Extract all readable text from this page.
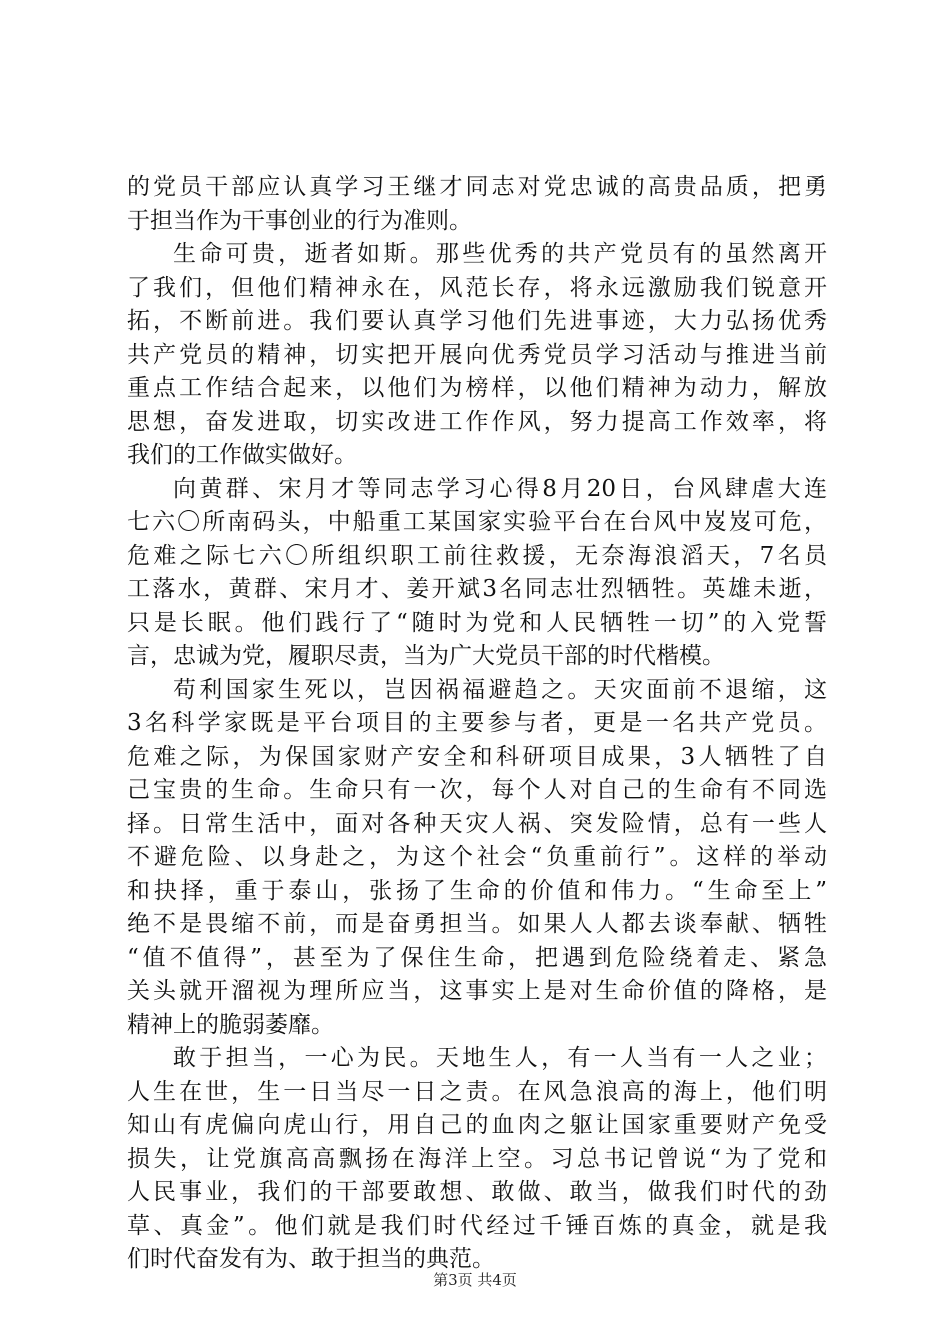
的党员干部应认真学习王继才同志对党忠诚的高贵品质，把勇
于担当作为干事创业的行为准则。
生命可贵，逝者如斯。那些优秀的共产党员有的虽然离开
了我们，但他们精神永在，风范长存，将永远激励我们锐意开
拓，不断前进。我们要认真学习他们先进事迹，大力弘扬优秀
共产党员的精神，切实把开展向优秀党员学习活动与推进当前
重点工作结合起来，以他们为榜样，以他们精神为动力，解放
思想，奋发进取，切实改进工作作风，努力提高工作效率，将
我们的工作做实做好。
向黄群、宋月才等同志学习心得8月20日，台风肆虐大连
七六〇所南码头，中船重工某国家实验平台在台风中岌岌可危，
危难之际七六〇所组织职工前往救援，无奈海浪滔天，7名员
工落水，黄群、宋月才、姜开斌3名同志壮烈牺牲。英雄未逝，
只是长眠。他们践行了“随时为党和人民牺牲一切”的入党誓
言，忠诚为党，履职尽责，当为广大党员干部的时代楷模。
苟利国家生死以，岂因祸福避趋之。天灾面前不退缩，这
3名科学家既是平台项目的主要参与者，更是一名共产党员。
危难之际，为保国家财产安全和科研项目成果，3人牺牲了自
己宝贵的生命。生命只有一次，每个人对自己的生命有不同选
择。日常生活中，面对各种天灾人祸、突发险情，总有一些人
不避危险、以身赴之，为这个社会“负重前行”。这样的举动
和抉择，重于泰山，张扬了生命的价值和伟力。“生命至上”
绝不是畏缩不前，而是奋勇担当。如果人人都去谈奉献、牺牲
“值不值得”，甚至为了保住生命，把遇到危险绕着走、紧急
关头就开溜视为理所应当，这事实上是对生命价值的降格，是
精神上的脆弱萎靡。
敢于担当，一心为民。天地生人，有一人当有一人之业；
人生在世，生一日当尽一日之责。在风急浪高的海上，他们明
知山有虎偏向虎山行，用自己的血肉之躯让国家重要财产免受
损失，让党旗高高飘扬在海洋上空。习总书记曾说“为了党和
人民事业，我们的干部要敢想、敢做、敢当，做我们时代的劲
草、真金”。他们就是我们时代经过千锤百炼的真金，就是我
们时代奋发有为、敢于担当的典范。
第3页 共4页
